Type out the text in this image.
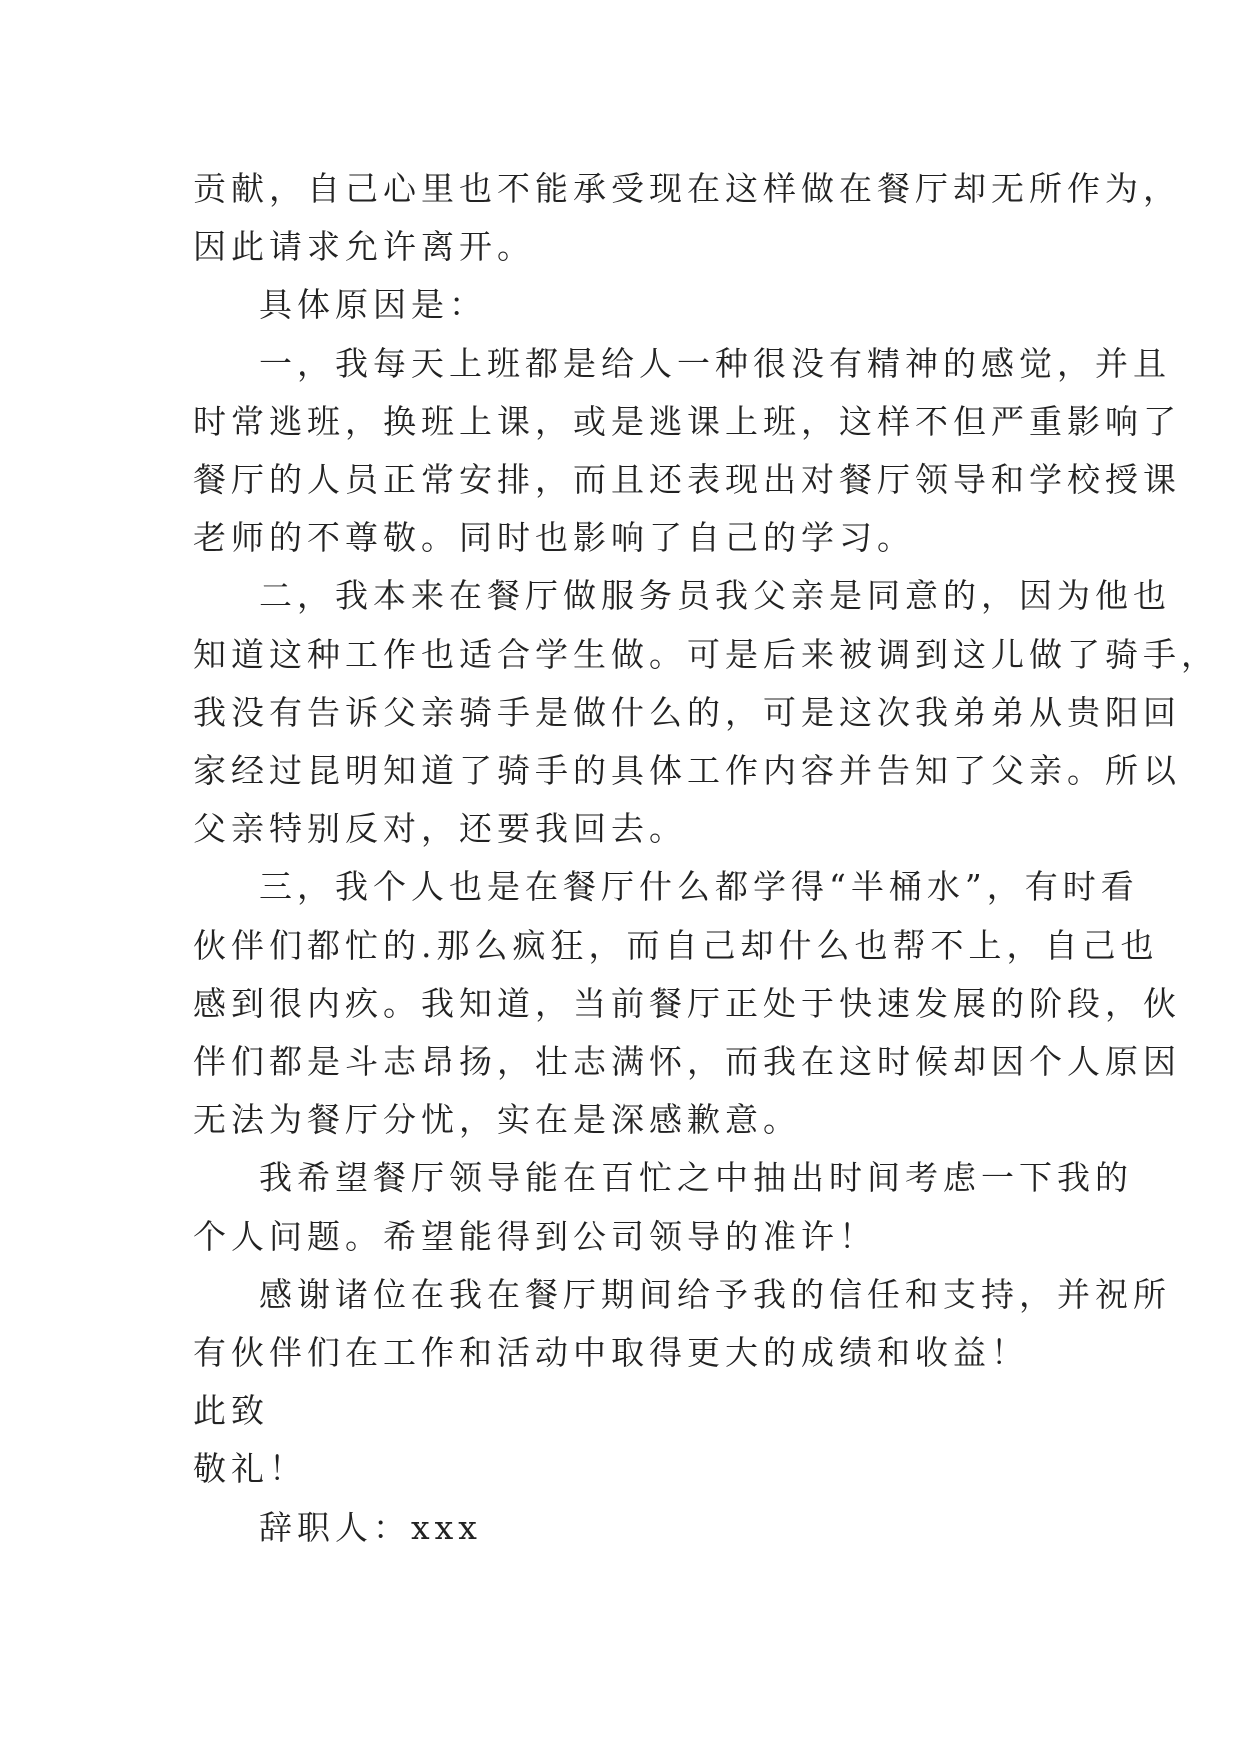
贡献，自己心里也不能承受现在这样做在餐厅却无所作为，
因此请求允许离开。
具体原因是：
一，我每天上班都是给人一种很没有精神的感觉，并且
时常逃班，换班上课，或是逃课上班，这样不但严重影响了
餐厅的人员正常安排，而且还表现出对餐厅领导和学校授课
老师的不尊敬。同时也影响了自己的学习。
二，我本来在餐厅做服务员我父亲是同意的，因为他也
知道这种工作也适合学生做。可是后来被调到这儿做了骑手，
我没有告诉父亲骑手是做什么的，可是这次我弟弟从贵阳回
家经过昆明知道了骑手的具体工作内容并告知了父亲。所以
父亲特别反对，还要我回去。
三，我个人也是在餐厅什么都学得“半桶水”，有时看
伙伴们都忙的.那么疯狂，而自己却什么也帮不上，自己也
感到很内疚。我知道，当前餐厅正处于快速发展的阶段，伙
伴们都是斗志昂扬，壮志满怀，而我在这时候却因个人原因
无法为餐厅分忧，实在是深感歉意。
我希望餐厅领导能在百忙之中抽出时间考虑一下我的
个人问题。希望能得到公司领导的准许！
感谢诸位在我在餐厅期间给予我的信任和支持，并祝所
有伙伴们在工作和活动中取得更大的成绩和收益！
此致
敬礼！
辞职人：xxx
